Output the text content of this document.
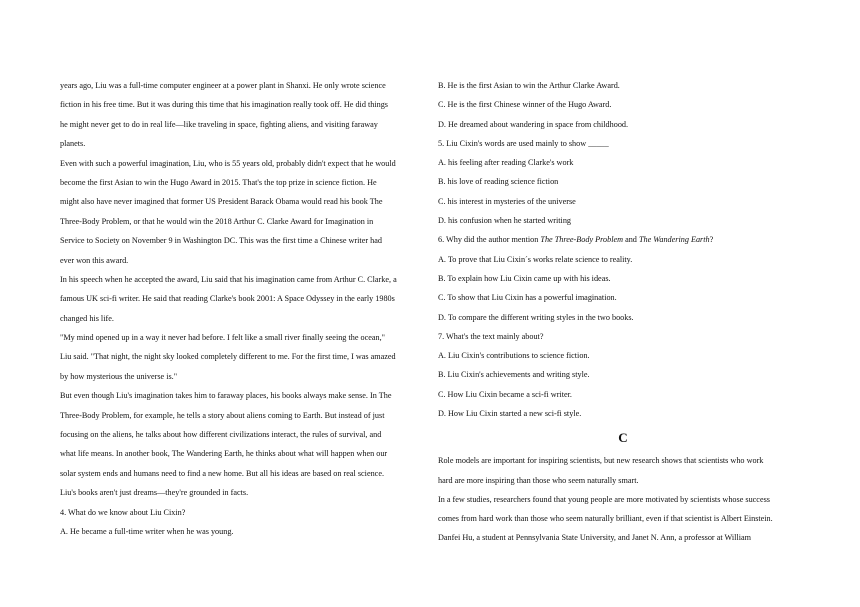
years ago, Liu was a full-time computer engineer at a power plant in Shanxi. He only wrote science
fiction in his free time. But it was during this time that his imagination really took off. He did things
he might never get to do in real life—like traveling in space, fighting aliens, and visiting faraway
planets.
Even with such a powerful imagination, Liu, who is 55 years old, probably didn't expect that he would
become the first Asian to win the Hugo Award in 2015. That's the top prize in science fiction. He
might also have never imagined that former US President Barack Obama would read his book The
Three-Body Problem, or that he would win the 2018 Arthur C. Clarke Award for Imagination in
Service to Society on November 9 in Washington DC. This was the first time a Chinese writer had
ever won this award.
In his speech when he accepted the award, Liu said that his imagination came from Arthur C. Clarke, a
famous UK sci-fi writer. He said that reading Clarke's book 2001: A Space Odyssey in the early 1980s
changed his life.
"My mind opened up in a way it never had before. I felt like a small river finally seeing the ocean,"
Liu said. "That night, the night sky looked completely different to me. For the first time, I was amazed
by how mysterious the universe is."
But even though Liu's imagination takes him to faraway places, his books always make sense. In The
Three-Body Problem, for example, he tells a story about aliens coming to Earth. But instead of just
focusing on the aliens, he talks about how different civilizations interact, the rules of survival, and
what life means. In another book, The Wandering Earth, he thinks about what will happen when our
solar system ends and humans need to find a new home. But all his ideas are based on real science.
Liu's books aren't just dreams—they're grounded in facts.
4. What do we know about Liu Cixin?
A. He became a full-time writer when he was young.
B. He is the first Asian to win the Arthur Clarke Award.
C. He is the first Chinese winner of the Hugo Award.
D. He dreamed about wandering in space from childhood.
5. Liu Cixin's words are used mainly to show _____
A. his feeling after reading Clarke's work
B. his love of reading science fiction
C. his interest in mysteries of the universe
D. his confusion when he started writing
6. Why did the author mention The Three-Body Problem and The Wandering Earth?
A. To prove that Liu Cixin´s works relate science to reality.
B. To explain how Liu Cixin came up with his ideas.
C. To show that Liu Cixin has a powerful imagination.
D. To compare the different writing styles in the two books.
7. What's the text mainly about?
A. Liu Cixin's contributions to science fiction.
B. Liu Cixin's achievements and writing style.
C. How Liu Cixin became a sci-fi writer.
D. How Liu Cixin started a new sci-fi style.
C
Role models are important for inspiring scientists, but new research shows that scientists who work
hard are more inspiring than those who seem naturally smart.
In a few studies, researchers found that young people are more motivated by scientists whose success
comes from hard work than those who seem naturally brilliant, even if that scientist is Albert Einstein.
Danfei Hu, a student at Pennsylvania State University, and Janet N. Ann, a professor at William
